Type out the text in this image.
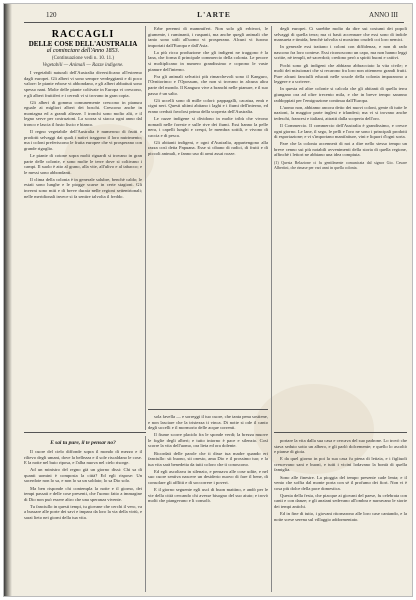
120	L'ARTE	ANNO III
RACCAGLI
DELLE COSE DELL'AUSTRALIA
al cominciare dell'Anno 1853.
(Continuazione vedi n. 10. 11.)
Vegetabili — Animali — Razze indigene.

I vegetabili naturali dell'Australia diversificano all'estremo dagli europei. Gli alberi vi sono sempre verdeggianti e di poco valore: le piante erbose vi abbondano, e gli alberi abbattuti sono spesso nani. Molte delle piante coltivate in Europa vi crescono, e gli alberi fruttiferi e i cereali vi si trovano in gran copia.

Gli alberi di gomma comunemente crescono in pianura eguale ai migliori alberi dei boschi. Crescono anche in montagna ed a grandi altezze. I tronchi sono molto alti, e il legno serve per costruzioni. La scorza si stacca ogni anno dal tronco e lascia il fusto liscio e bianco.

Il regno vegetabile dell'Australia è numeroso di frutti e prodotti selvaggi dai quali i nativi traggono il loro nutrimento; ma i coloni preferiscono le frutta europee che vi prosperano con grande rigoglio.

Le piante di cotone sopra molti riguardi si trovano in gran parte delle colonie, e sono molte le terre dove si coltivano i campi. Il suolo è atto al grano, alla vite, all'ulivo e al tabacco; e le messi sono abbondanti.

Il clima della colonia è in generale salubre, benchè caldo; le estati sono lunghe e le piogge scarse in certe stagioni. Gli inverni sono miti e di breve durata nelle regioni settentrionali; nelle meridionali invece si fa sentire talvolta il freddo.

Erbe perenni di mammiferi. Non solo gli erbivori, le giumente, i ruminanti, i ruspanti, ma anche quegli animali che tanto sono utili all'uomo vi prosperano. Alcuni vi furono importati dall'Europa e dall'Asia.

La più ricca produzione che gli indigeni ne traggono è la lana, che forma il principale commercio della colonia. Le pecore si moltiplicano in numero grandissimo e coprono le vaste pianure dell'interno.

Fra gli animali selvatici più rimarchevoli sono il Kanguro, l'Ornitorinco e l'Opossum, che non si trovano in alcuna altra parte del mondo. Il Kanguro vive a branchi nelle pianure, e il suo passo è un salto.

Gli uccelli sono di mille colori: pappagalli, cacatua, emù e cigni neri. Questi ultimi abitano i laghi e i fiumi dell'interno, ed erano creduti favolosi prima della scoperta dell'Australia.

Le razze indigene si dividono in molte tribù che vivono nomadi nelle foreste e sulle rive dei fiumi. Essi hanno la pelle nera, i capelli lunghi e crespi, le membra sottili, e vivono di caccia e di pesca.

Gli abitanti indigeni, e ogni d'Australia, appartengono alla razza così detta Papuana. Esse si cibano di radici, di frutti e di piccoli animali, e fanno uso di armi assai rozze.

degli europei. Ci sarebbe molto da dire sui costumi dei popoli selvaggi di quella terra; ma ci basti accennare che essi sono di indole mansueta e timida, benchè talvolta si mostrino crudeli coi loro nemici.

In generale essi trattano i coloni con diffidenza, e non di rado nascono fra loro contese. Essi riconoscono un capo, ma non hanno leggi scritte, nè templi, nè sacerdoti; credono però a spiriti buoni e cattivi.

Pochi sono gli indigeni che abbiano abbracciato la vita civile; e molti dei missionari che si recarono fra loro non ottennero grandi frutti. Pure alcuni fanciulli educati nelle scuole della colonia impararono a leggere e a scrivere.

In questa ed altre colonie si calcola che gli abitanti di quella terra giungano ora ad oltre trecento mila, e che in breve tempo saranno raddoppiati per l'emigrazione continua dall'Europa.

L'uomo non, abbiamo ancora detto dei nuovi coloni, gente di tutte le nazioni, la maggior parte inglesi e irlandesi; ma vi si trovano anche tedeschi, francesi e italiani, attratti dalla scoperta dell'oro.

Il Commercio. Il commercio dell'Australia è grandissimo, e cresce ogni giorno. Le lane, il sego, le pelli e l'oro ne sono i principali prodotti di esportazione; e vi s'importano manifatture, vini e liquori d'ogni sorta.

Pare che la colonia accennerà di noi a dire nello stesso tempo un breve cenno sui più notabili avvenimenti della storia di quella regione, affinchè i lettori ne abbiano una idea compiuta.

(1) Questa Relazione ci fu gentilmente comunicata dal signor Gio. Cesare Albertini, che rimase per vari anni in quella colonia.
E sai tu pure, il te pensar no?

Il cuore del cielo diffonde sopra il mondo di mezzo e il rilievo degli umani, dove la bellezza e il sole riscaldano le cose. E la notte nel buio riposa, e l'alba nuova nel cielo risorge.

Ad un ministro del regno già un giorno dissi: Chi sa di quanti uomini è composta la città? Ed egli rispose: Un sacerdote non lo sa, e non lo sa un soldato; lo sa Dio solo.

Ma ben risponde chi contempla la notte e il giorno, dei tempi passati e delle cose presenti, che l'uomo fatto a immagine di Dio non può essere altro che una speranza vivente.

Tu fanciullo in questi tempi, tu giovane che cerchi il vero, va a bussare alle porte dei savi e impara da loro la via della virtù, e sarai lieto nei giorni della tua vita.

sola favella — e sorreggi il tuo cuore, che tanta pena sostiene, e non lasciare che la tristezza ti vinca. Di notte si ode il canto degli uccelli e il mormorio delle acque correnti.

Il fiume scorre placido fra le sponde verdi; la brezza muove le foglie degli alberi; e tutto intorno è pace e silenzio. Così scorre la vita dell'uomo, ora lieta ed ora dolente.

Ricordati delle parole che ti disse tua madre quando eri fanciullo: sii buono, sii onesto, ama Dio e il prossimo tuo; e la tua vita sarà benedetta da tutti coloro che ti conoscono.

Ed egli ascoltava in silenzio, e pensava alle cose udite, e nel suo cuore sentiva nascere un desiderio nuovo di fare il bene, di consolare gli afflitti e di soccorrere i poveri.

E il giorno seguente egli uscì di buon mattino, e andò per le vie della città cercando chi avesse bisogno del suo aiuto; e trovò molti che piangevano e li consolò.

portare la vita dalla sua casa e cercava del suo padrone. Lo trovò che stava seduto sotto un albero, e gli parlò dolcemente; e quello lo ascoltò e pianse di gioia.

E da quel giorno in poi la sua casa fu piena di letizia, e i figliuoli crescevano sani e buoni, e tutti i vicini lodavano la bontà di quella famiglia.

Sono alle finestre. La pioggia del tempo presente cade lenta; e il vento che soffia dal monte porta con sè il profumo dei fiori. Non vi è cosa più dolce della pace domestica.

Questa della festa, che piacque ai giovani del paese, fu celebrata con canti e con danze; e gli anziani sedevano all'ombra e narravano le storie dei tempi antichi.

Ed in fine di tutto, i giovani ritornarono alle loro case cantando, e la notte scese serena sul villaggio addormentato.
